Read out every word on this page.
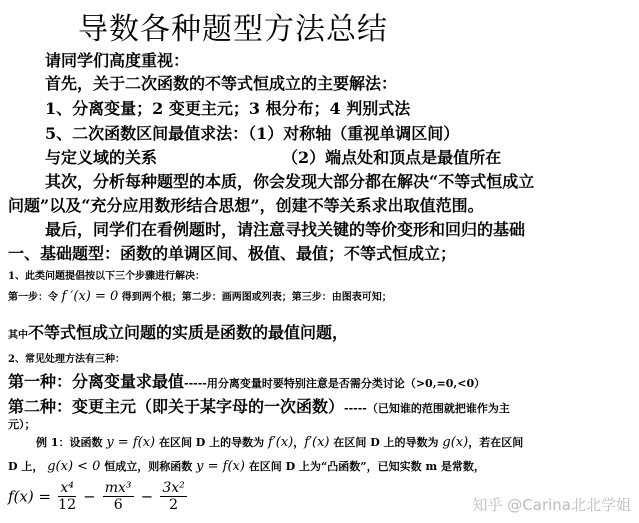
导数各种题型方法总结
请同学们高度重视：
首先，关于二次函数的不等式恒成立的主要解法：
1、分离变量；2 变更主元；3 根分布；4 判别式法
5、二次函数区间最值求法：（1）对称轴（重视单调区间）
与定义域的关系	（2）端点处和顶点是最值所在
其次，分析每种题型的本质，你会发现大部分都在解决“不等式恒成立
问题”以及“充分应用数形结合思想”，创建不等关系求出取值范围。
最后，同学们在看例题时，请注意寻找关键的等价变形和回归的基础
一、基础题型：函数的单调区间、极值、最值；不等式恒成立；
1、此类问题提倡按以下三个步骤进行解决：
第一步：令 f ′(x) = 0 得到两个根；第二步：画两图或列表；第三步：由图表可知；
其中不等式恒成立问题的实质是函数的最值问题，
2、常见处理方法有三种：
第一种：分离变量求最值-----用分离变量时要特别注意是否需分类讨论（>0,=0,<0）
第二种：变更主元（即关于某字母的一次函数）-----（已知谁的范围就把谁作为主
元）；
例 1：设函数 y = f(x) 在区间 D 上的导数为 f′(x)，f′(x) 在区间 D 上的导数为 g(x)，若在区间
D 上， g(x) < 0 恒成立，则称函数 y = f(x) 在区间 D 上为“凸函数”，已知实数 m 是常数，
$f(x) = \frac{\text{x⁴}}{12} - \frac{\text{mx³}}{6} - \frac{\text{3x²}}{2}$	知乎 @Carina北北学姐
